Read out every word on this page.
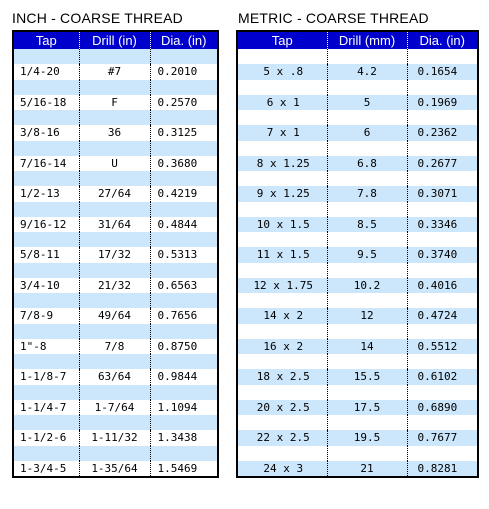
INCH - COARSE THREAD	METRIC - COARSE THREAD
Tap	Drill (in)	Dia. (in)

1/4-20	#7	0.2010

5/16-18	F	0.2570

3/8-16	36	0.3125

7/16-14	U	0.3680

1/2-13	27/64	0.4219

9/16-12	31/64	0.4844

5/8-11	17/32	0.5313

3/4-10	21/32	0.6563

7/8-9	49/64	0.7656

1"-8	7/8	0.8750

1-1/8-7	63/64	0.9844

1-1/4-7	1-7/64	1.1094

1-1/2-6	1-11/32	1.3438

1-3/4-5	1-35/64	1.5469
Tap	Drill (mm)	Dia. (in)

5 x .8	4.2	0.1654

6 x 1	5	0.1969

7 x 1	6	0.2362

8 x 1.25	6.8	0.2677

9 x 1.25	7.8	0.3071

10 x 1.5	8.5	0.3346

11 x 1.5	9.5	0.3740

12 x 1.75	10.2	0.4016

14 x 2	12	0.4724

16 x 2	14	0.5512

18 x 2.5	15.5	0.6102

20 x 2.5	17.5	0.6890

22 x 2.5	19.5	0.7677

24 x 3	21	0.8281
